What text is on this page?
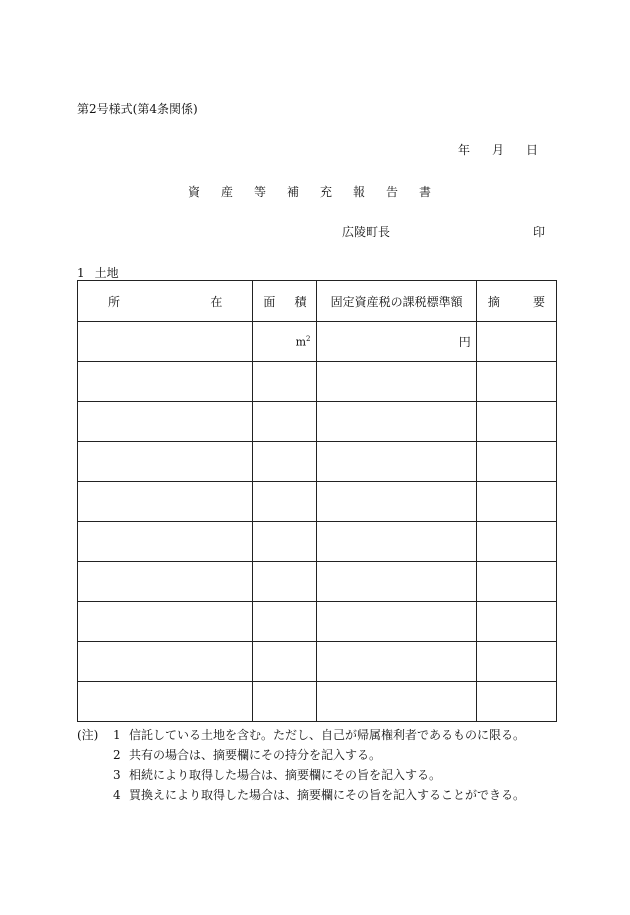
第2号様式(第4条関係)
年 月 日
資産等補充報告書
広陵町長	印
1 土地
所 在	面 積	固定資産税の課税標準額	摘 要

	$m^2$	円	

(注) 1 信託している土地を含む。ただし、自己が帰属権利者であるものに限る。
2 共有の場合は、摘要欄にその持分を記入する。
3 相続により取得した場合は、摘要欄にその旨を記入する。
4 買換えにより取得した場合は、摘要欄にその旨を記入することができる。
